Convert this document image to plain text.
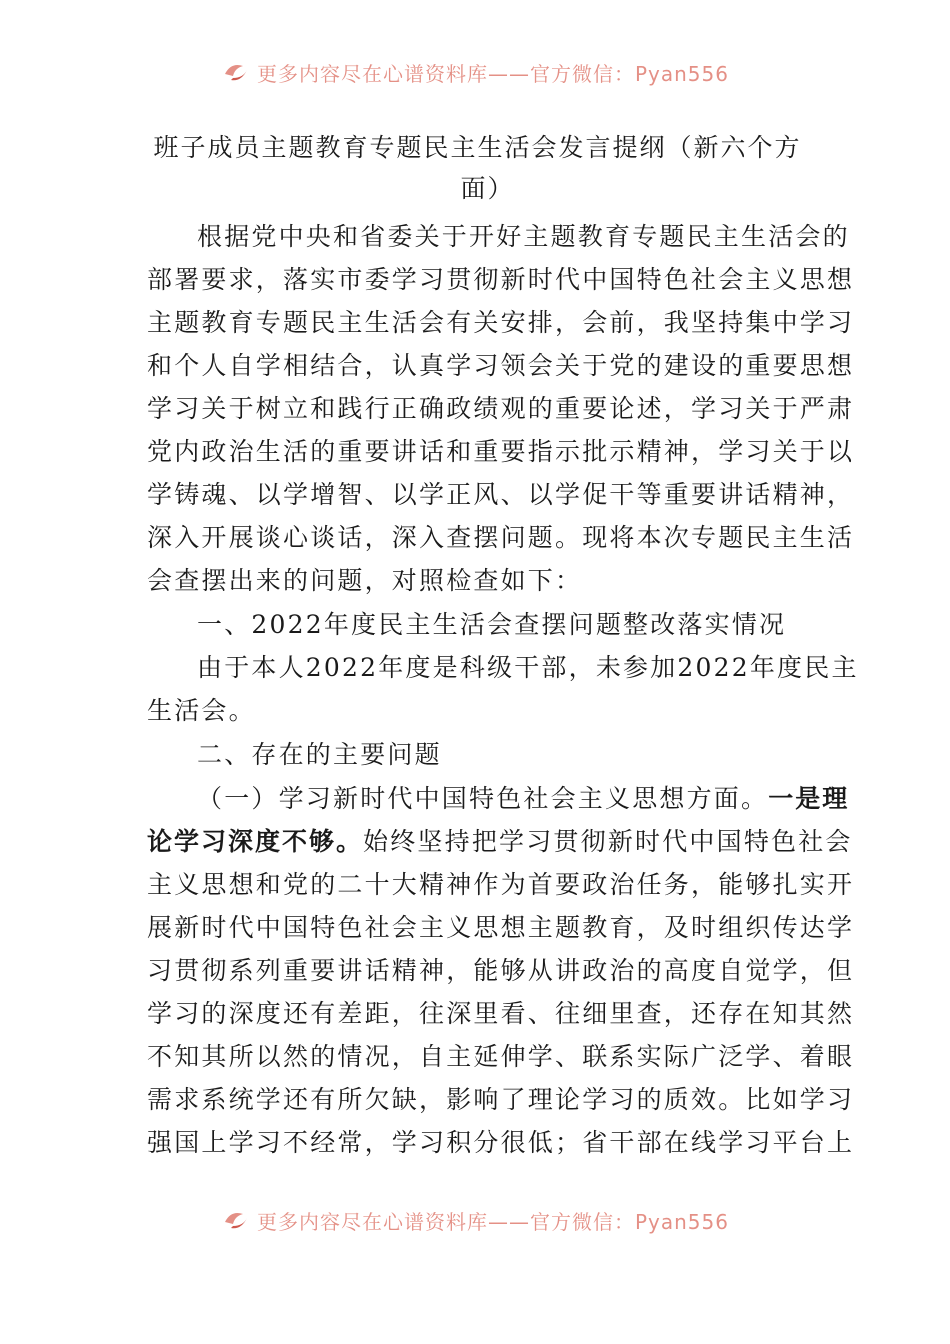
更多内容尽在心谱资料库——官方微信：Pyan556
班子成员主题教育专题民主生活会发言提纲（新六个方
面）
根据党中央和省委关于开好主题教育专题民主生活会的
部署要求，落实市委学习贯彻新时代中国特色社会主义思想
主题教育专题民主生活会有关安排，会前，我坚持集中学习
和个人自学相结合，认真学习领会关于党的建设的重要思想
学习关于树立和践行正确政绩观的重要论述，学习关于严肃
党内政治生活的重要讲话和重要指示批示精神，学习关于以
学铸魂、以学增智、以学正风、以学促干等重要讲话精神，
深入开展谈心谈话，深入查摆问题。现将本次专题民主生活
会查摆出来的问题，对照检查如下：
一、2022年度民主生活会查摆问题整改落实情况
由于本人2022年度是科级干部，未参加2022年度民主
生活会。
二、存在的主要问题
（一）学习新时代中国特色社会主义思想方面。一是理
论学习深度不够。始终坚持把学习贯彻新时代中国特色社会
主义思想和党的二十大精神作为首要政治任务，能够扎实开
展新时代中国特色社会主义思想主题教育，及时组织传达学
习贯彻系列重要讲话精神，能够从讲政治的高度自觉学，但
学习的深度还有差距，往深里看、往细里查，还存在知其然
不知其所以然的情况，自主延伸学、联系实际广泛学、着眼
需求系统学还有所欠缺，影响了理论学习的质效。比如学习
强国上学习不经常，学习积分很低；省干部在线学习平台上
更多内容尽在心谱资料库——官方微信：Pyan556
